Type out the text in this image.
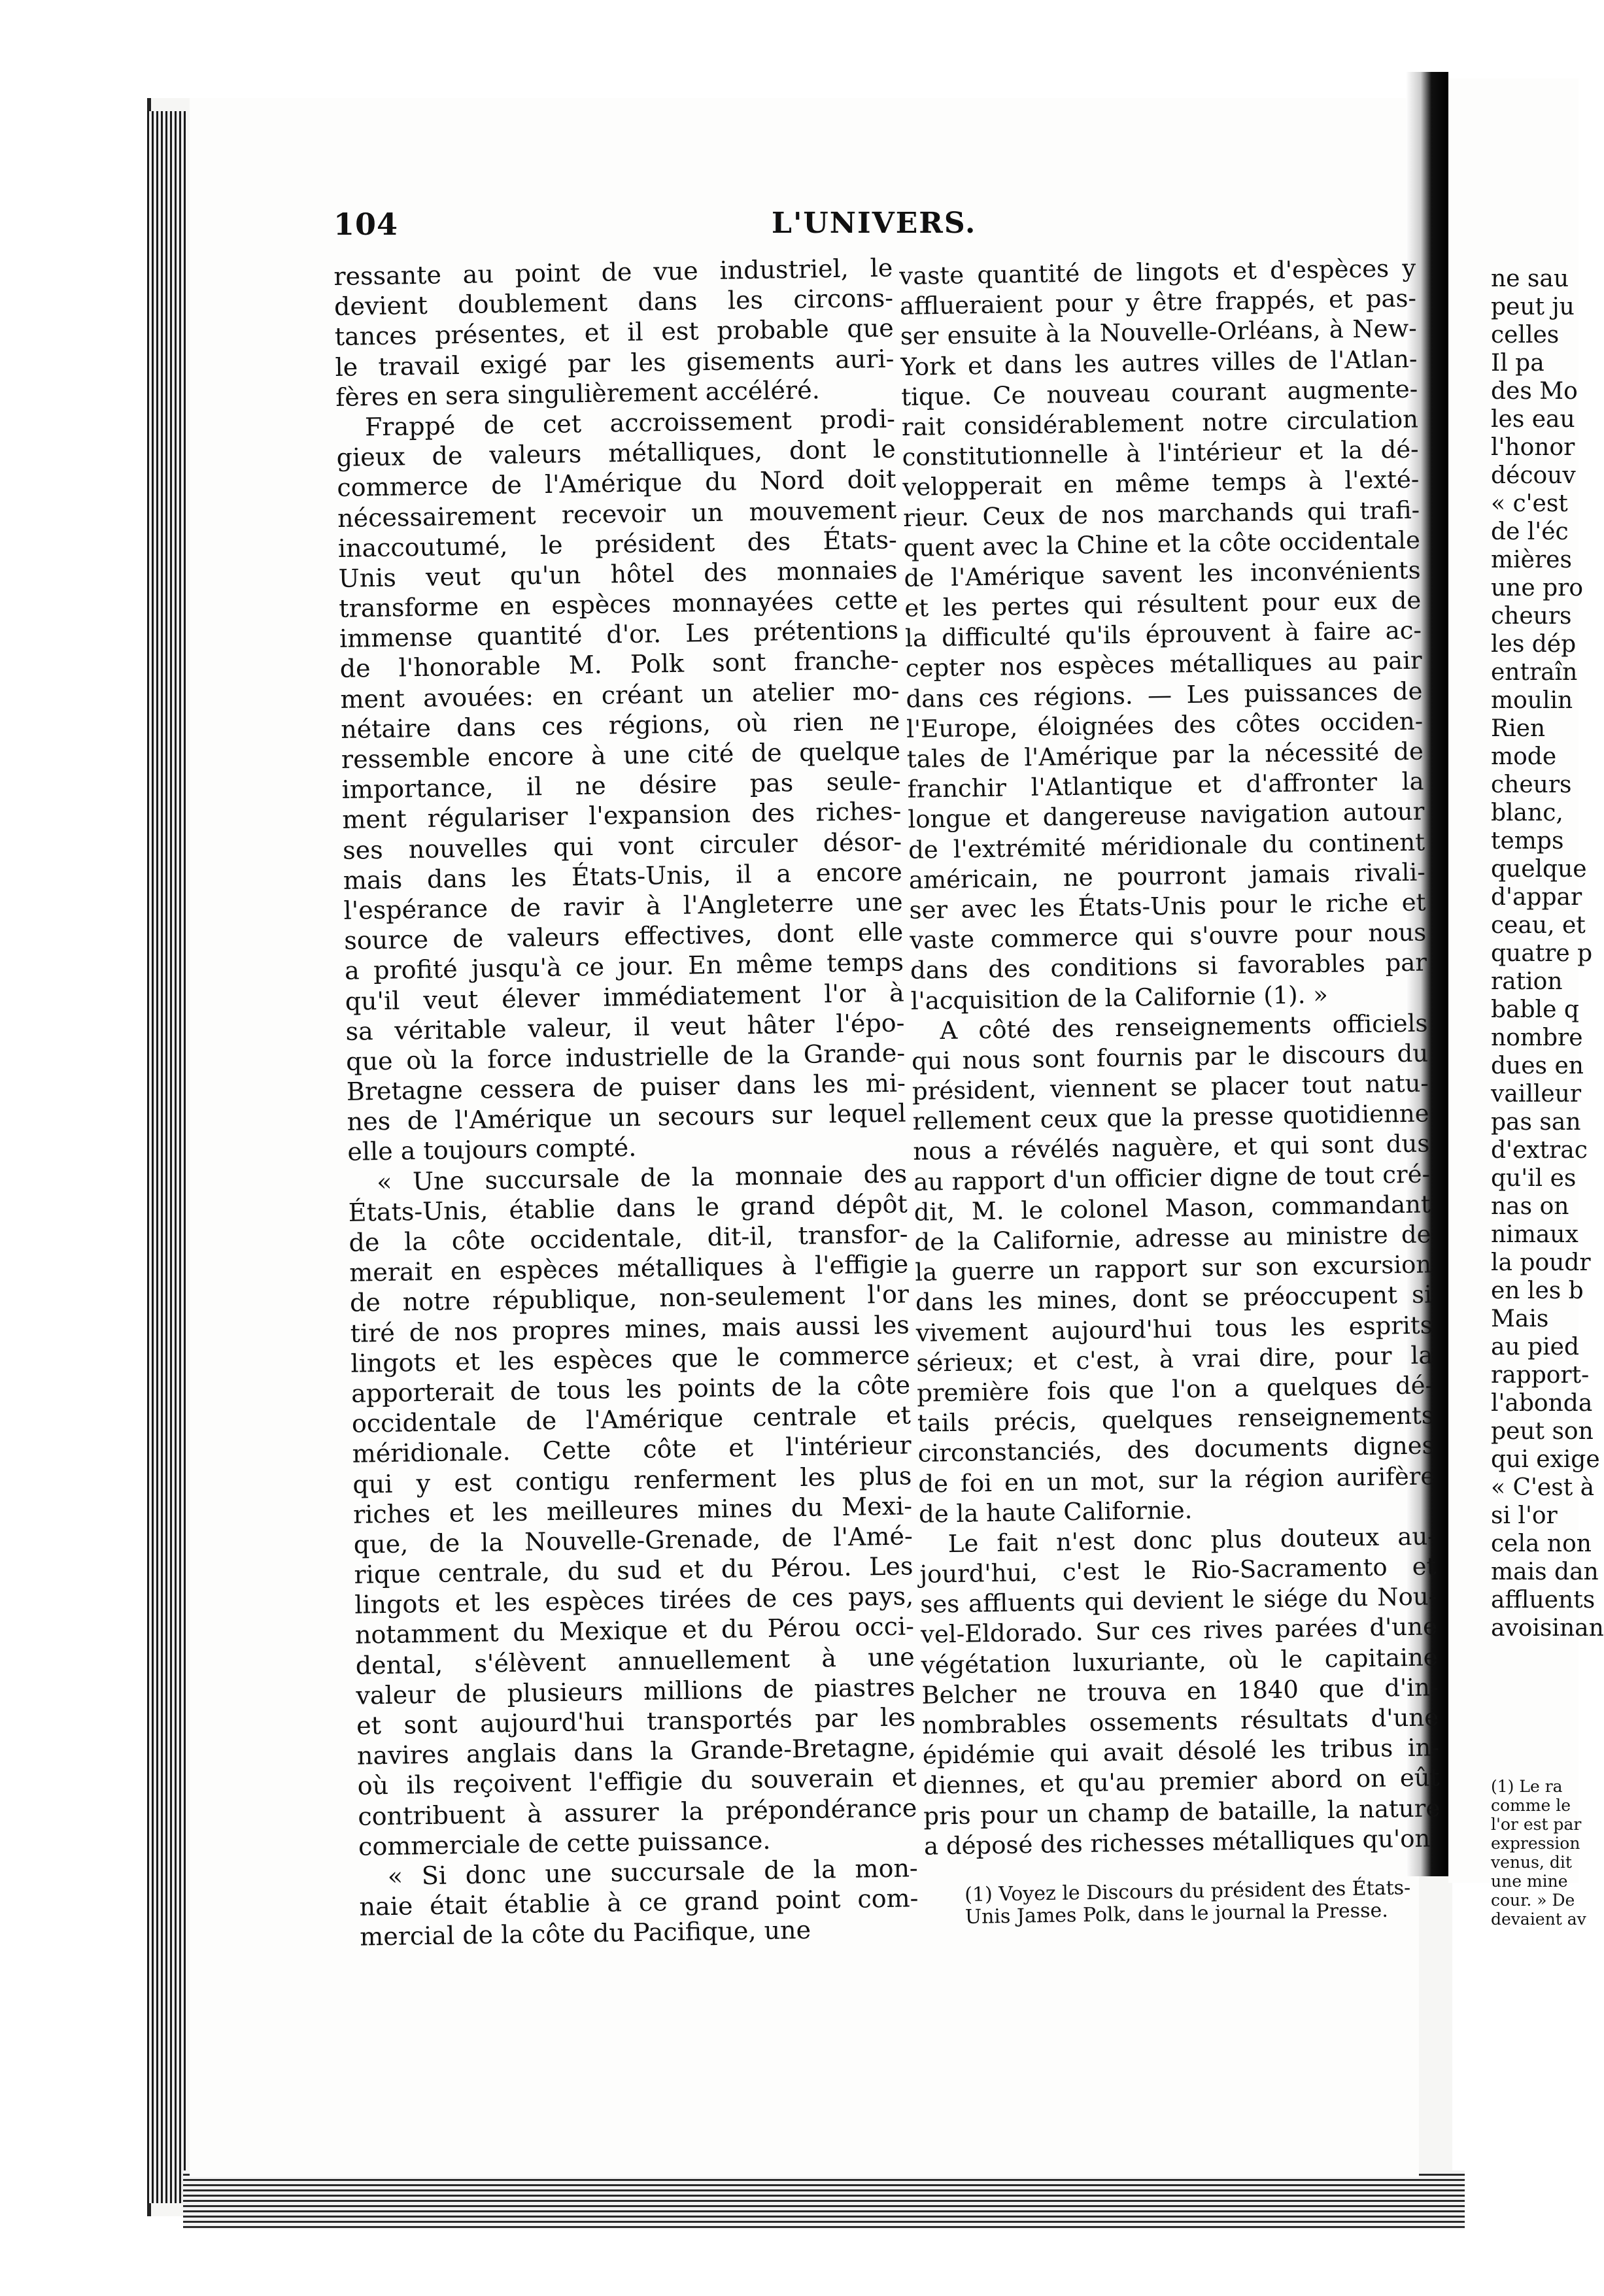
104	L'UNIVERS.
ressante au point de vue industriel, le
devient doublement dans les circons-
tances présentes, et il est probable que
le travail exigé par les gisements auri-
fères en sera singulièrement accéléré.
Frappé de cet accroissement prodi-
gieux de valeurs métalliques, dont le
commerce de l'Amérique du Nord doit
nécessairement recevoir un mouvement
inaccoutumé, le président des États-
Unis veut qu'un hôtel des monnaies
transforme en espèces monnayées cette
immense quantité d'or. Les prétentions
de l'honorable M. Polk sont franche-
ment avouées: en créant un atelier mo-
nétaire dans ces régions, où rien ne
ressemble encore à une cité de quelque
importance, il ne désire pas seule-
ment régulariser l'expansion des riches-
ses nouvelles qui vont circuler désor-
mais dans les États-Unis, il a encore
l'espérance de ravir à l'Angleterre une
source de valeurs effectives, dont elle
a profité jusqu'à ce jour. En même temps
qu'il veut élever immédiatement l'or à
sa véritable valeur, il veut hâter l'épo-
que où la force industrielle de la Grande-
Bretagne cessera de puiser dans les mi-
nes de l'Amérique un secours sur lequel
elle a toujours compté.
« Une succursale de la monnaie des
États-Unis, établie dans le grand dépôt
de la côte occidentale, dit-il, transfor-
merait en espèces métalliques à l'effigie
de notre république, non-seulement l'or
tiré de nos propres mines, mais aussi les
lingots et les espèces que le commerce
apporterait de tous les points de la côte
occidentale de l'Amérique centrale et
méridionale. Cette côte et l'intérieur
qui y est contigu renferment les plus
riches et les meilleures mines du Mexi-
que, de la Nouvelle-Grenade, de l'Amé-
rique centrale, du sud et du Pérou. Les
lingots et les espèces tirées de ces pays,
notamment du Mexique et du Pérou occi-
dental, s'élèvent annuellement à une
valeur de plusieurs millions de piastres
et sont aujourd'hui transportés par les
navires anglais dans la Grande-Bretagne,
où ils reçoivent l'effigie du souverain et
contribuent à assurer la prépondérance
commerciale de cette puissance.
« Si donc une succursale de la mon-
naie était établie à ce grand point com-
mercial de la côte du Pacifique, une
vaste quantité de lingots et d'espèces y
afflueraient pour y être frappés, et pas-
ser ensuite à la Nouvelle-Orléans, à New-
York et dans les autres villes de l'Atlan-
tique. Ce nouveau courant augmente-
rait considérablement notre circulation
constitutionnelle à l'intérieur et la dé-
velopperait en même temps à l'exté-
rieur. Ceux de nos marchands qui trafi-
quent avec la Chine et la côte occidentale
de l'Amérique savent les inconvénients
et les pertes qui résultent pour eux de
la difficulté qu'ils éprouvent à faire ac-
cepter nos espèces métalliques au pair
dans ces régions. — Les puissances de
l'Europe, éloignées des côtes occiden-
tales de l'Amérique par la nécessité de
franchir l'Atlantique et d'affronter la
longue et dangereuse navigation autour
de l'extrémité méridionale du continent
américain, ne pourront jamais rivali-
ser avec les États-Unis pour le riche et
vaste commerce qui s'ouvre pour nous
dans des conditions si favorables par
l'acquisition de la Californie (1). »
A côté des renseignements officiels
qui nous sont fournis par le discours du
président, viennent se placer tout natu-
rellement ceux que la presse quotidienne
nous a révélés naguère, et qui sont dus
au rapport d'un officier digne de tout cré-
dit, M. le colonel Mason, commandant
de la Californie, adresse au ministre de
la guerre un rapport sur son excursion
dans les mines, dont se préoccupent si
vivement aujourd'hui tous les esprits
sérieux; et c'est, à vrai dire, pour la
première fois que l'on a quelques dé-
tails précis, quelques renseignements
circonstanciés, des documents dignes
de foi en un mot, sur la région aurifère
de la haute Californie.
Le fait n'est donc plus douteux au-
jourd'hui, c'est le Rio-Sacramento et
ses affluents qui devient le siége du Nou-
vel-Eldorado. Sur ces rives parées d'une
végétation luxuriante, où le capitaine
Belcher ne trouva en 1840 que d'in-
nombrables ossements résultats d'une
épidémie qui avait désolé les tribus in-
diennes, et qu'au premier abord on eût
pris pour un champ de bataille, la nature
a déposé des richesses métalliques qu'on
(1) Voyez le Discours du président des États-
Unis James Polk, dans le journal la Presse.
ne sau
peut ju
celles
Il pa
des Mo
les eau
l'honor
découv
« c'est
de l'éc
mières
une pro
cheurs
les dép
entraîn
moulin
Rien
mode
cheurs
blanc,
temps
quelque
d'appar
ceau, et
quatre p
ration
bable q
nombre
dues en
vailleur
pas san
d'extrac
qu'il es
nas on
nimaux
la poudr
en les b
Mais
au pied
rapport-
l'abonda
peut son
qui exige
« C'est à
si l'or
cela non
mais dan
affluents
avoisinan
(1) Le ra
comme le
l'or est par
expression
venus, dit
une mine
cour. » De
devaient av
